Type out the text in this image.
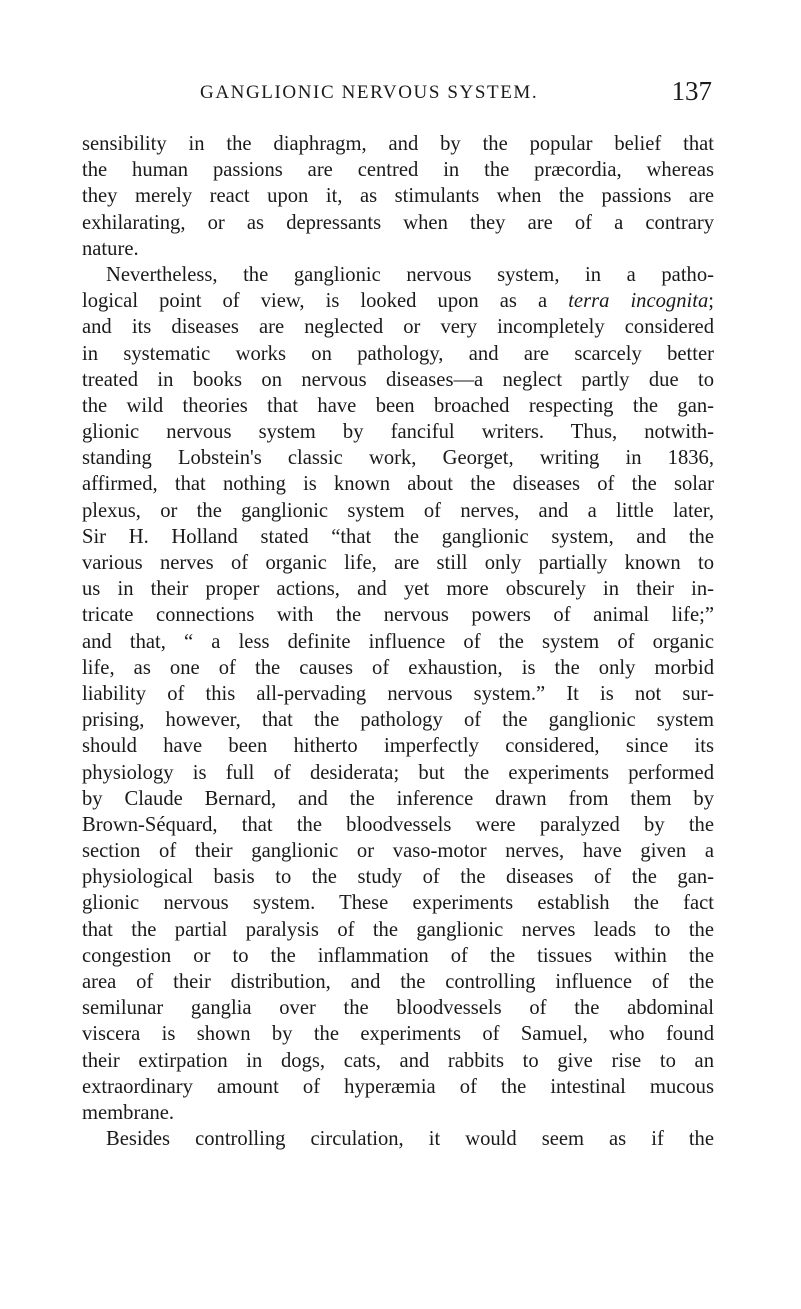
GANGLIONIC NERVOUS SYSTEM.	137
sensibility in the diaphragm, and by the popular belief that
the human passions are centred in the præcordia, whereas
they merely react upon it, as stimulants when the passions are
exhilarating, or as depressants when they are of a contrary
nature.
Nevertheless, the ganglionic nervous system, in a patho-
logical point of view, is looked upon as a terra incognita;
and its diseases are neglected or very incompletely considered
in systematic works on pathology, and are scarcely better
treated in books on nervous diseases—a neglect partly due to
the wild theories that have been broached respecting the gan-
glionic nervous system by fanciful writers. Thus, notwith-
standing Lobstein's classic work, Georget, writing in 1836,
affirmed, that nothing is known about the diseases of the solar
plexus, or the ganglionic system of nerves, and a little later,
Sir H. Holland stated “that the ganglionic system, and the
various nerves of organic life, are still only partially known to
us in their proper actions, and yet more obscurely in their in-
tricate connections with the nervous powers of animal life;”
and that, “ a less definite influence of the system of organic
life, as one of the causes of exhaustion, is the only morbid
liability of this all-pervading nervous system.” It is not sur-
prising, however, that the pathology of the ganglionic system
should have been hitherto imperfectly considered, since its
physiology is full of desiderata; but the experiments performed
by Claude Bernard, and the inference drawn from them by
Brown-Séquard, that the bloodvessels were paralyzed by the
section of their ganglionic or vaso-motor nerves, have given a
physiological basis to the study of the diseases of the gan-
glionic nervous system. These experiments establish the fact
that the partial paralysis of the ganglionic nerves leads to the
congestion or to the inflammation of the tissues within the
area of their distribution, and the controlling influence of the
semilunar ganglia over the bloodvessels of the abdominal
viscera is shown by the experiments of Samuel, who found
their extirpation in dogs, cats, and rabbits to give rise to an
extraordinary amount of hyperæmia of the intestinal mucous
membrane.
Besides controlling circulation, it would seem as if the
